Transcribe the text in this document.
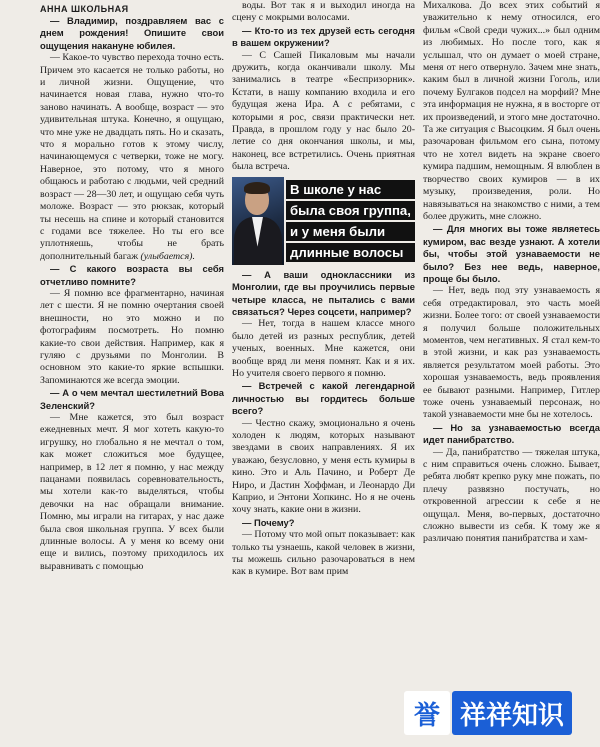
АННА ШКОЛЬНАЯ

— Владимир, поздравляем вас с днем рождения! Опишите свои ощущения накануне юбилея.

— Какое-то чувство перехода точно есть. Причем это касается не только работы, но и личной жизни. Ощущение, что начинается новая глава, нужно что-то заново начинать. А вообще, возраст — это удивительная штука. Конечно, я ощущаю, что мне уже не двадцать пять. Но и сказать, что я морально готов к этому числу, начинающемуся с четверки, тоже не могу. Наверное, это потому, что я много общаюсь и работаю с людьми, чей средний возраст — 28—30 лет, и ощущаю себя чуть моложе. Возраст — это рюкзак, который ты несешь на спине и который становится с годами все тяжелее. Но ты его все уплотняешь, чтобы не брать дополнительный багаж (улыбается).

— С какого возраста вы себя отчетливо помните?

— Я помню все фрагментарно, начиная лет с шести. Я не помню очертания своей внешности, но это можно и по фотографиям посмотреть. Но помню какие-то свои действия. Например, как я гуляю с друзьями по Монголии. В основном это какие-то яркие вспышки. Запоминаются же всегда эмоции.

— А о чем мечтал шестилетний Вова Зеленский?

— Мне кажется, это был возраст ежедневных мечт. Я мог хотеть какую-то игрушку, но глобально я не мечтал о том, как может сложиться мое будущее, например, в 12 лет я помню, у нас между пацанами появилась соревновательность, мы хотели как-то выделяться, чтобы девочки на нас обращали внимание. Помню, мы играли на гитарах, у нас даже была своя школьная группа. У всех были длинные волосы. А у меня ко всему они еще и вились, поэтому приходилось их выравнивать с помощью

воды. Вот так я и выходил иногда на сцену с мокрыми волосами.

— Кто-то из тех друзей есть сегодня в вашем окружении?

— С Сашей Пикаловым мы начали дружить, когда оканчивали школу. Мы занимались в театре «Беспризорник». Кстати, в нашу компанию входила и его будущая жена Ира. А с ребятами, с которыми я рос, связи практически нет. Правда, в прошлом году у нас было 20-летие со дня окончания школы, и мы, наконец, все встретились. Очень приятная была встреча.

В школе у нас
была своя группа,
и у меня были
длинные волосы

— А ваши одноклассники из Монголии, где вы проучились первые четыре класса, не пытались с вами связаться? Через соцсети, например?

— Нет, тогда в нашем классе много было детей из разных республик, детей ученых, военных. Мне кажется, они вообще вряд ли меня помнят. Как и я их. Но учителя своего первого я помню.

— Встречей с какой легендарной личностью вы гордитесь больше всего?

— Честно скажу, эмоционально я очень холоден к людям, которых называют звездами в своих направлениях. Я их уважаю, безусловно, у меня есть кумиры в кино. Это и Аль Пачино, и Роберт Де Ниро, и Дастин Хоффман, и Леонардо Ди Каприо, и Энтони Хопкинс. Но я не очень хочу знать, какие они в жизни.

— Почему?

— Потому что мой опыт показывает: как только ты узнаешь, какой человек в жизни, ты можешь сильно разочароваться в нем как в кумире. Вот вам прим

Михалкова. До всех этих событий я уважительно к нему относился, его фильм «Свой среди чужих...» был одним из любимых. Но после того, как я услышал, что он думает о моей стране, меня от него отвернуло. Зачем мне знать, каким был в личной жизни Гоголь, или почему Булгаков подсел на морфий? Мне эта информация не нужна, я в восторге от их произведений, и этого мне достаточно. Та же ситуация с Высоцким. Я был очень разочарован фильмом его сына, потому что не хотел видеть на экране своего кумира падшим, немощным. Я влюблен в творчество своих кумиров — в их музыку, произведения, роли. Но навязываться на знакомство с ними, а тем более дружить, мне сложно.

— Для многих вы тоже являетесь кумиром, вас везде узнают. А хотели бы, чтобы этой узнаваемости не было? Без нее ведь, наверное, проще бы было.

— Нет, ведь под эту узнаваемость я себя отредактировал, это часть моей жизни. Более того: от своей узнаваемости я получил больше положительных моментов, чем негативных. Я стал кем-то в этой жизни, и как раз узнаваемость является результатом моей работы. Это хорошая узнаваемость, ведь проявления ее бывают разными. Например, Гитлер тоже очень узнаваемый персонаж, но такой узнаваемости мне бы не хотелось.

— Но за узнаваемостью всегда идет панибратство.

— Да, панибратство — тяжелая штука, с ним справиться очень сложно. Бывает, ребята любят крепко руку мне пожать, по плечу развязно постучать, но откровенной агрессии к себе я не ощущал. Меня, во-первых, достаточно сложно вывести из себя. К тому же я различаю понятия панибратства и хам-

誉 祥祥知识
